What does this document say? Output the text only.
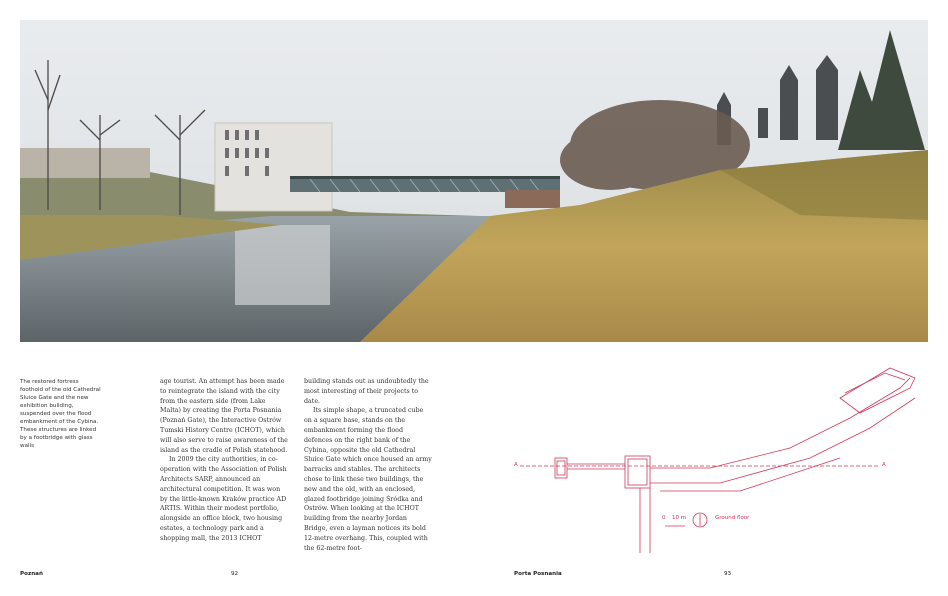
The restored fortress foothold of the old Cathedral Sluice Gate and the new exhibition building, suspended over the flood embankment of the Cybina. These structures are linked by a footbridge with glass walls

age tourist. An attempt has been made to reintegrate the island with the city from the eastern side (from Lake Malta) by creating the Porta Posnania (Poznań Gate), the Interactive Ostrów Tumski History Centre (ICHOT), which will also serve to raise awareness of the island as the cradle of Polish statehood.

In 2009 the city authorities, in co-operation with the Association of Polish Architects SARP, announced an architectural competition. It was won by the little-known Kraków practice AD ARTIS. Within their modest portfolio, alongside an office block, two housing estates, a technology park and a shopping mall, the 2013 ICHOT

building stands out as undoubtedly the most interesting of their projects to date.

Its simple shape, a truncated cube on a square base, stands on the embankment forming the flood defences on the right bank of the Cybina, opposite the old Cathedral Sluice Gate which once housed an army barracks and stables. The architects chose to link these two buildings, the new and the old, with an enclosed, glazed footbridge joining Śródka and Ostrów. When looking at the ICHOT building from the nearby Jordan Bridge, even a layman notices its bold 12-metre overhang. This, coupled with the 62-metre foot-

A	A
0 10 m	Ground floor
Poznań	92	Porta Posnania	93
